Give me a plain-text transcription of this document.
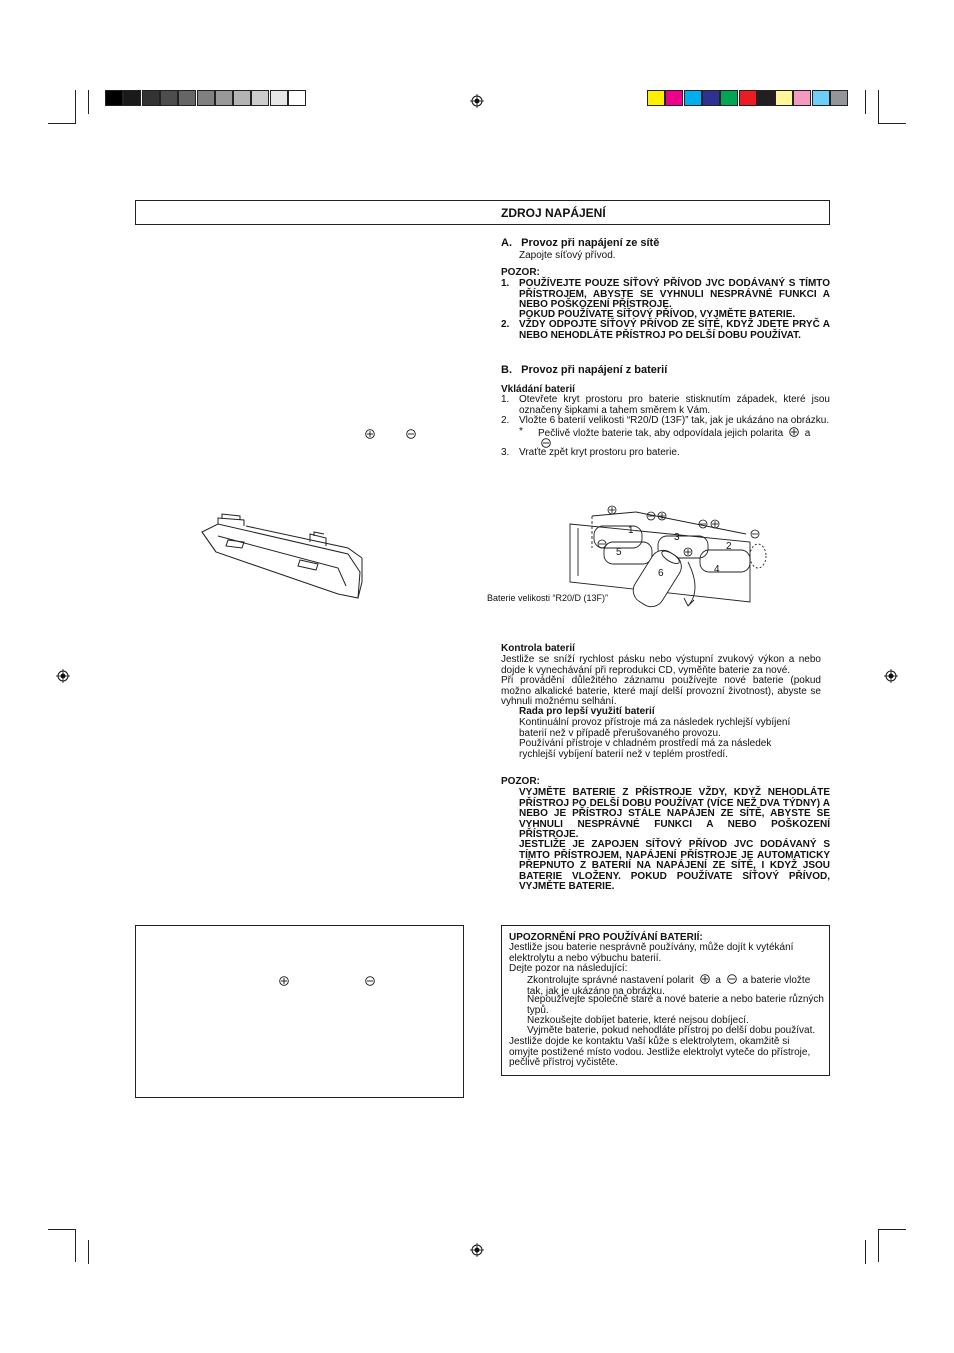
ZDROJ NAPÁJENÍ
A.   Provoz při napájení ze sítě
Zapojte síťový přívod.
POZOR:
1. POUŽÍVEJTE POUZE SÍŤOVÝ PŘÍVOD JVC DODÁVANÝ S TÍMTO PŘÍSTROJEM, ABYSTE SE VYHNULI NESPRÁVNÉ FUNKCI A NEBO POŠKOZENÍ PŘÍSTROJE.
POKUD POUŽÍVATE SÍŤOVÝ PŘÍVOD, VYJMĚTE BATERIE.
2. VŽDY ODPOJTE SÍŤOVÝ PŘÍVOD ZE SÍTĚ, KDYŽ JDETE PRYČ A NEBO NEHODLÁTE PŘÍSTROJ PO DELŠÍ DOBU POUŽÍVAT.
B.   Provoz při napájení z baterií
Vkládání baterií
1. Otevřete kryt prostoru pro baterie stisknutím západek, které jsou označeny šipkami a tahem směrem k Vám.
2. Vložte 6 baterií velikosti “R20/D (13F)” tak, jak je ukázáno na obrázku.
* Pečlivě vložte baterie tak, aby odpovídala jejich polarita a
3. Vraťte zpět kryt prostoru pro baterie.
1
2
3
4
5
6
Baterie velikosti “R20/D (13F)”
Kontrola baterií
Jestliže se sníží rychlost pásku nebo výstupní zvukový výkon a nebo dojde k vynechávání při reprodukci CD, vyměňte baterie za nové.
Při provádění důležitého záznamu používejte nové baterie (pokud možno alkalické baterie, které mají delší provozní životnost), abyste se vyhnuli možnému selhání.
Rada pro lepší využití baterií
Kontinuální provoz přístroje má za následek rychlejší vybíjení baterií než v případě přerušovaného provozu.
Používání přístroje v chladném prostředí má za následek rychlejší vybíjení baterií než v teplém prostředí.
POZOR:
VYJMĚTE BATERIE Z PŘÍSTROJE VŽDY, KDYŽ NEHODLÁTE PŘÍSTROJ PO DELŠÍ DOBU POUŽÍVAT (VÍCE NEŽ DVA TÝDNY) A NEBO JE PŘÍSTROJ STÁLE NAPÁJEN ZE SÍTĚ, ABYSTE SE VYHNULI NESPRÁVNÉ FUNKCI A NEBO POŠKOZENÍ PŘÍSTROJE.
JESTLIŽE JE ZAPOJEN SÍŤOVÝ PŘÍVOD JVC DODÁVANÝ S TÍMTO PŘÍSTROJEM, NAPÁJENÍ PŘÍSTROJE JE AUTOMATICKY PŘEPNUTO Z BATERIÍ NA NAPÁJENÍ ZE SÍTĚ, I KDYŽ JSOU BATERIE VLOŽENY. POKUD POUŽÍVATE SÍŤOVÝ PŘÍVOD, VYJMĚTE BATERIE.
UPOZORNĚNÍ PRO POUŽÍVÁNÍ BATERIÍ:
Jestliže jsou baterie nesprávně používány, může dojít k vytékání elektrolytu a nebo výbuchu baterií.
Dejte pozor na následující:
Zkontrolujte správné nastavení polarit a a baterie vložte tak, jak je ukázáno na obrázku.
Nepoužívejte společně staré a nové baterie a nebo baterie různých typů.
Nezkoušejte dobíjet baterie, které nejsou dobíjecí.
Vyjměte baterie, pokud nehodláte přístroj po delší dobu používat.
Jestliže dojde ke kontaktu Vaší kůže s elektrolytem, okamžitě si omyjte postižené místo vodou. Jestliže elektrolyt vyteče do přístroje, pečlivě přístroj vyčistěte.
